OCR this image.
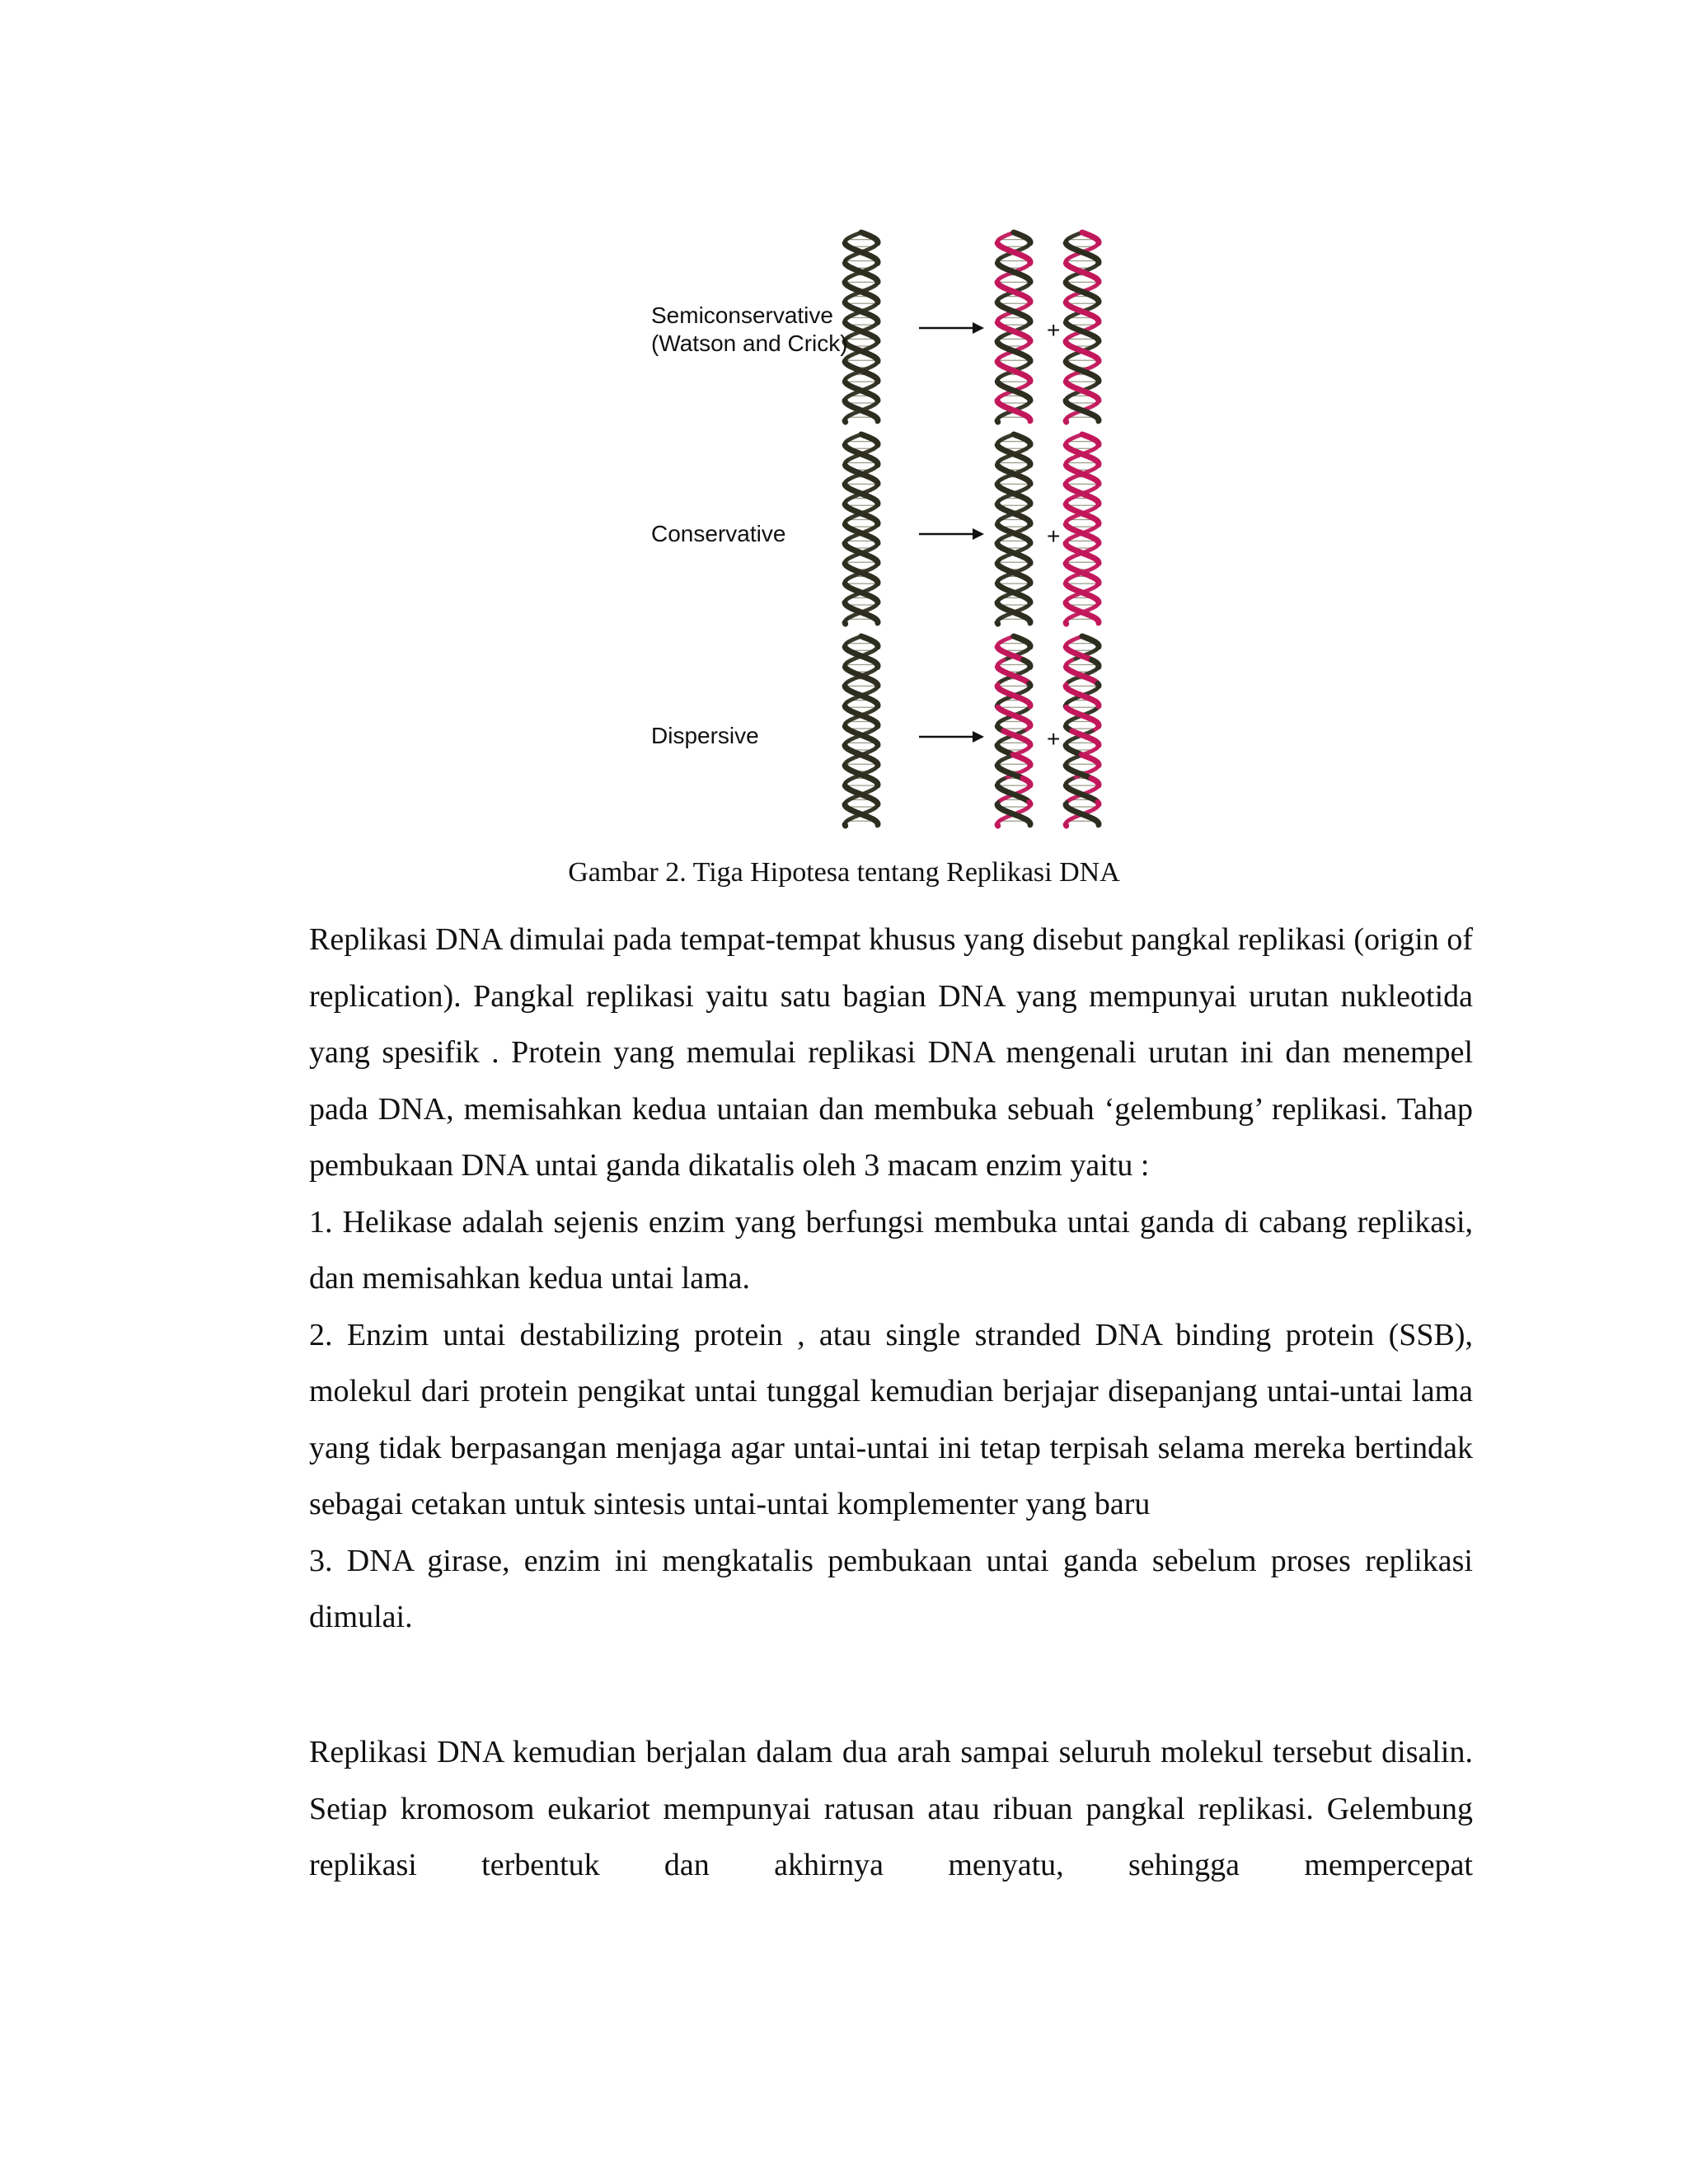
Semiconservative
(Watson and Crick)
+
Conservative	+
Dispersive	+
Gambar 2. Tiga Hipotesa tentang Replikasi DNA

Replikasi DNA dimulai pada tempat-tempat khusus yang disebut pangkal replikasi (origin of replication). Pangkal replikasi yaitu satu bagian DNA yang mempunyai urutan nukleotida yang spesifik . Protein yang memulai replikasi DNA mengenali urutan ini dan menempel pada DNA, memisahkan kedua untaian dan membuka sebuah ‘gelembung’ replikasi. Tahap pembukaan DNA untai ganda dikatalis oleh 3 macam enzim yaitu :

1. Helikase adalah sejenis enzim yang berfungsi membuka untai ganda di cabang replikasi, dan memisahkan kedua untai lama.

2. Enzim untai destabilizing protein , atau single stranded DNA binding protein (SSB), molekul dari protein pengikat untai tunggal kemudian berjajar disepanjang untai-untai lama yang tidak berpasangan menjaga agar untai-untai ini tetap terpisah selama mereka bertindak sebagai cetakan untuk sintesis untai-untai komplementer yang baru

3. DNA girase, enzim ini mengkatalis pembukaan untai ganda sebelum proses replikasi dimulai.

Replikasi DNA kemudian berjalan dalam dua arah sampai seluruh molekul tersebut disalin. Setiap kromosom eukariot mempunyai ratusan atau ribuan pangkal replikasi. Gelembung replikasi terbentuk dan akhirnya menyatu, sehingga mempercepat
